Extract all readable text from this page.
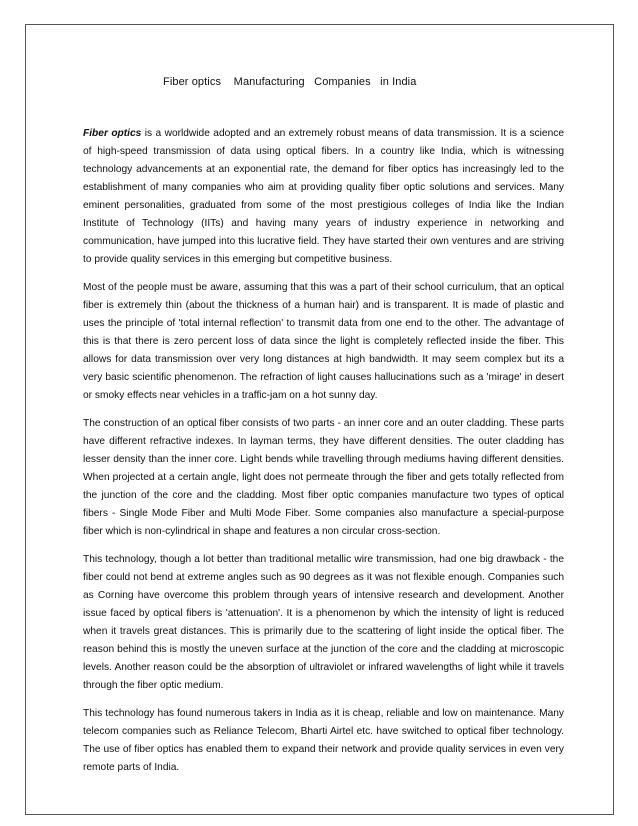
Fiber optics    Manufacturing   Companies   in India

Fiber optics is a worldwide adopted and an extremely robust means of data transmission. It is a science of high-speed transmission of data using optical fibers. In a country like India, which is witnessing technology advancements at an exponential rate, the demand for fiber optics has increasingly led to the establishment of many companies who aim at providing quality fiber optic solutions and services. Many eminent personalities, graduated from some of the most prestigious colleges of India like the Indian Institute of Technology (IITs) and having many years of industry experience in networking and communication, have jumped into this lucrative field. They have started their own ventures and are striving to provide quality services in this emerging but competitive business.

Most of the people must be aware, assuming that this was a part of their school curriculum, that an optical fiber is extremely thin (about the thickness of a human hair) and is transparent. It is made of plastic and uses the principle of 'total internal reflection' to transmit data from one end to the other. The advantage of this is that there is zero percent loss of data since the light is completely reflected inside the fiber. This allows for data transmission over very long distances at high bandwidth. It may seem complex but its a very basic scientific phenomenon. The refraction of light causes hallucinations such as a 'mirage' in desert or smoky effects near vehicles in a traffic-jam on a hot sunny day.

The construction of an optical fiber consists of two parts - an inner core and an outer cladding. These parts have different refractive indexes. In layman terms, they have different densities. The outer cladding has lesser density than the inner core. Light bends while travelling through mediums having different densities. When projected at a certain angle, light does not permeate through the fiber and gets totally reflected from the junction of the core and the cladding. Most fiber optic companies manufacture two types of optical fibers - Single Mode Fiber and Multi Mode Fiber. Some companies also manufacture a special-purpose fiber which is non-cylindrical in shape and features a non circular cross-section.

This technology, though a lot better than traditional metallic wire transmission, had one big drawback - the fiber could not bend at extreme angles such as 90 degrees as it was not flexible enough. Companies such as Corning have overcome this problem through years of intensive research and development. Another issue faced by optical fibers is 'attenuation'. It is a phenomenon by which the intensity of light is reduced when it travels great distances. This is primarily due to the scattering of light inside the optical fiber. The reason behind this is mostly the uneven surface at the junction of the core and the cladding at microscopic levels. Another reason could be the absorption of ultraviolet or infrared wavelengths of light while it travels through the fiber optic medium.

This technology has found numerous takers in India as it is cheap, reliable and low on maintenance. Many telecom companies such as Reliance Telecom, Bharti Airtel etc. have switched to optical fiber technology. The use of fiber optics has enabled them to expand their network and provide quality services in even very remote parts of India.
